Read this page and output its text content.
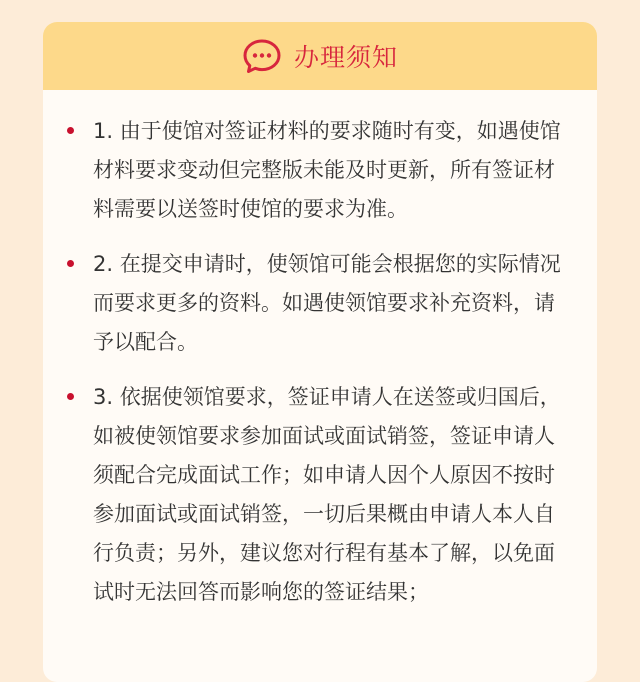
办理须知
1. 由于使馆对签证材料的要求随时有变，如遇使馆材料要求变动但完整版未能及时更新，所有签证材料需要以送签时使馆的要求为准。
2. 在提交申请时，使领馆可能会根据您的实际情况而要求更多的资料。如遇使领馆要求补充资料，请予以配合。
3. 依据使领馆要求，签证申请人在送签或归国后，如被使领馆要求参加面试或面试销签，签证申请人须配合完成面试工作；如申请人因个人原因不按时参加面试或面试销签，一切后果概由申请人本人自行负责；另外，建议您对行程有基本了解，以免面试时无法回答而影响您的签证结果；
